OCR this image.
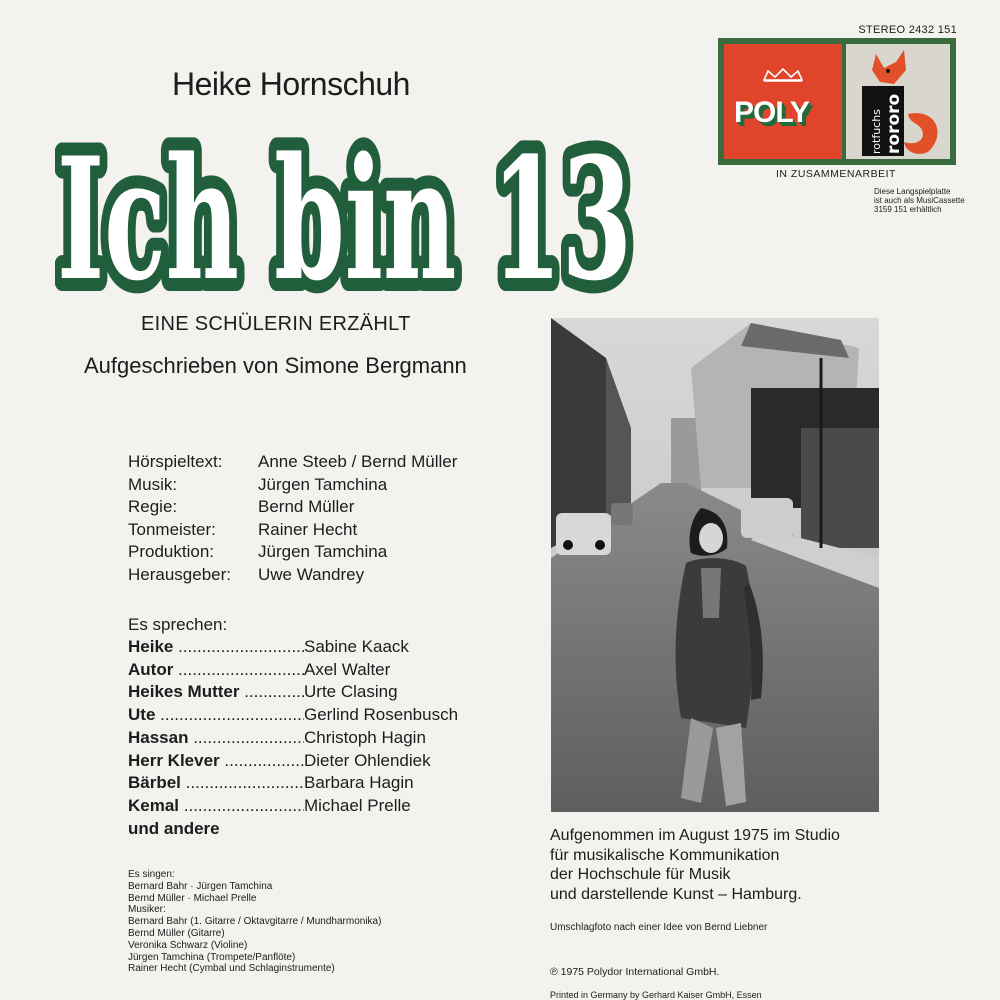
Heike Hornschuh
Ich bin 13
EINE SCHÜLERIN ERZÄHLT
Aufgeschrieben von Simone Bergmann
STEREO 2432 151
POLY	rotfuchs rororo
IN ZUSAMMENARBEIT
Diese Langspielplatte
ist auch als MusiCassette
3159 151 erhältlich
Hörspieltext:	Anne Steeb / Bernd Müller
Musik:	Jürgen Tamchina
Regie:	Bernd Müller
Tonmeister:	Rainer Hecht
Produktion:	Jürgen Tamchina
Herausgeber:	Uwe Wandrey
Es sprechen:
Heike .....	Sabine Kaack
Autor .....	Axel Walter
Heikes Mutter .....	Urte Clasing
Ute .....	Gerlind Rosenbusch
Hassan .....	Christoph Hagin
Herr Klever .....	Dieter Ohlendiek
Bärbel .....	Barbara Hagin
Kemal .....	Michael Prelle
und andere
Es singen:
Bernard Bahr · Jürgen Tamchina
Bernd Müller · Michael Prelle
Musiker:
Bernard Bahr (1. Gitarre / Oktavgitarre / Mundharmonika)
Bernd Müller (Gitarre)
Veronika Schwarz (Violine)
Jürgen Tamchina (Trompete/Panflöte)
Rainer Hecht (Cymbal und Schlaginstrumente)
Aufgenommen im August 1975 im Studio
für musikalische Kommunikation
der Hochschule für Musik
und darstellende Kunst – Hamburg.
Umschlagfoto nach einer Idee von Bernd Liebner
℗ 1975 Polydor International GmbH.
Printed in Germany by Gerhard Kaiser GmbH, Essen
